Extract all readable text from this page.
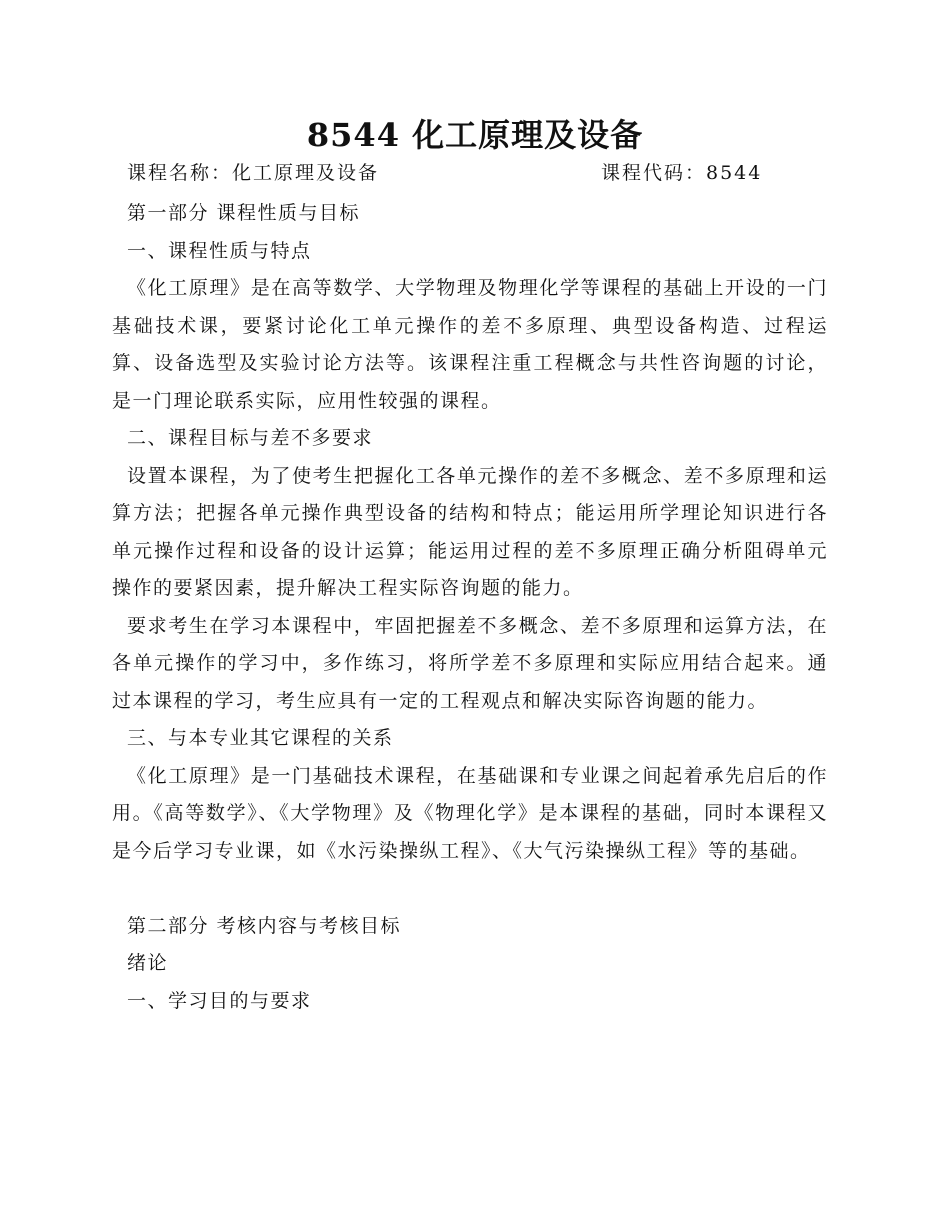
8544 化工原理及设备
课程名称：化工原理及设备	课程代码：8544

第一部分 课程性质与目标

一、课程性质与特点

《化工原理》是在高等数学、大学物理及物理化学等课程的基础上开设的一门基础技术课，要紧讨论化工单元操作的差不多原理、典型设备构造、过程运算、设备选型及实验讨论方法等。该课程注重工程概念与共性咨询题的讨论，是一门理论联系实际，应用性较强的课程。

二、课程目标与差不多要求

设置本课程，为了使考生把握化工各单元操作的差不多概念、差不多原理和运算方法；把握各单元操作典型设备的结构和特点；能运用所学理论知识进行各单元操作过程和设备的设计运算；能运用过程的差不多原理正确分析阻碍单元操作的要紧因素，提升解决工程实际咨询题的能力。

要求考生在学习本课程中，牢固把握差不多概念、差不多原理和运算方法，在各单元操作的学习中，多作练习，将所学差不多原理和实际应用结合起来。通过本课程的学习，考生应具有一定的工程观点和解决实际咨询题的能力。

三、与本专业其它课程的关系

《化工原理》是一门基础技术课程，在基础课和专业课之间起着承先启后的作用。《高等数学》、《大学物理》及《物理化学》是本课程的基础，同时本课程又是今后学习专业课，如《水污染操纵工程》、《大气污染操纵工程》等的基础。

第二部分 考核内容与考核目标

绪论

一、学习目的与要求
